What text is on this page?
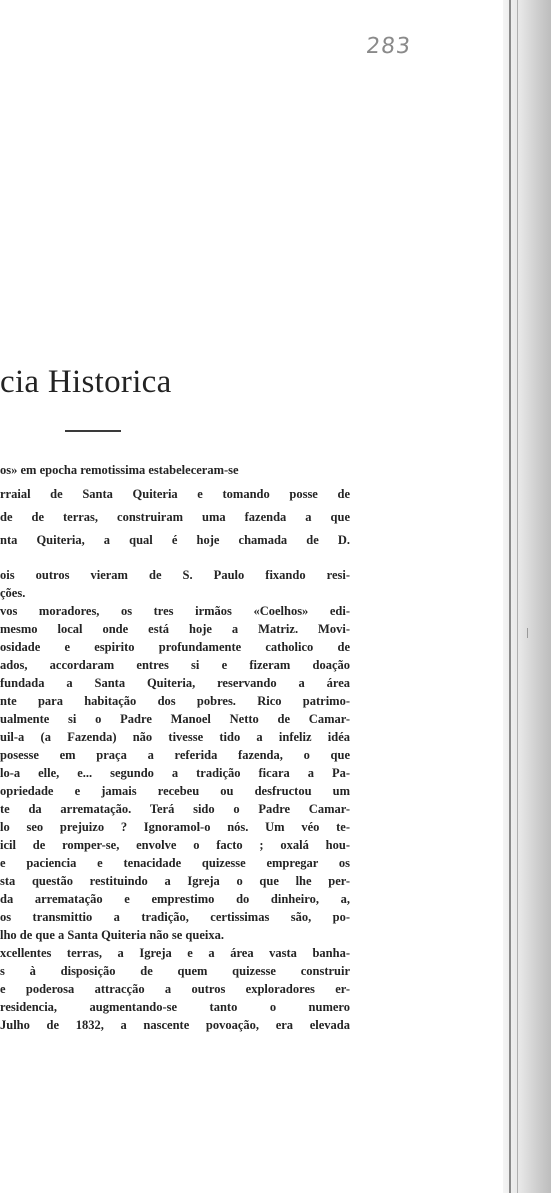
283
cia Historica
os» em epocha remotissima estabeleceram-se
rraial de Santa Quiteria e tomando posse de
de de terras, construiram uma fazenda a que
nta Quiteria, a qual é hoje chamada de D.
ois outros vieram de S. Paulo fixando resi-
ções.
vos moradores, os tres irmãos «Coelhos» edi-
mesmo local onde está hoje a Matriz. Movi-
osidade e espirito profundamente catholico de
ados, accordaram entres si e fizeram doação
fundada a Santa Quiteria, reservando a área
nte para habitação dos pobres. Rico patrimo-
ualmente si o Padre Manoel Netto de Camar-
uil-a (a Fazenda) não tivesse tido a infeliz idéa
posesse em praça a referida fazenda, o que
lo-a elle, e... segundo a tradição ficara a Pa-
opriedade e jamais recebeu ou desfructou um
te da arrematação. Terá sido o Padre Camar-
lo seo prejuizo ? Ignoramol-o nós. Um véo te-
icil de romper-se, envolve o facto ; oxalá hou-
e paciencia e tenacidade quizesse empregar os
sta questão restituindo a Igreja o que lhe per-
da arrematação e emprestimo do dinheiro, a,
os transmittio a tradição, certissimas são, po-
lho de que a Santa Quiteria não se queixa.
xcellentes terras, a Igreja e a área vasta banha-
s à disposição de quem quizesse construir
e poderosa attracção a outros exploradores er-
residencia, augmentando-se tanto o numero
Julho de 1832, a nascente povoação, era elevada
